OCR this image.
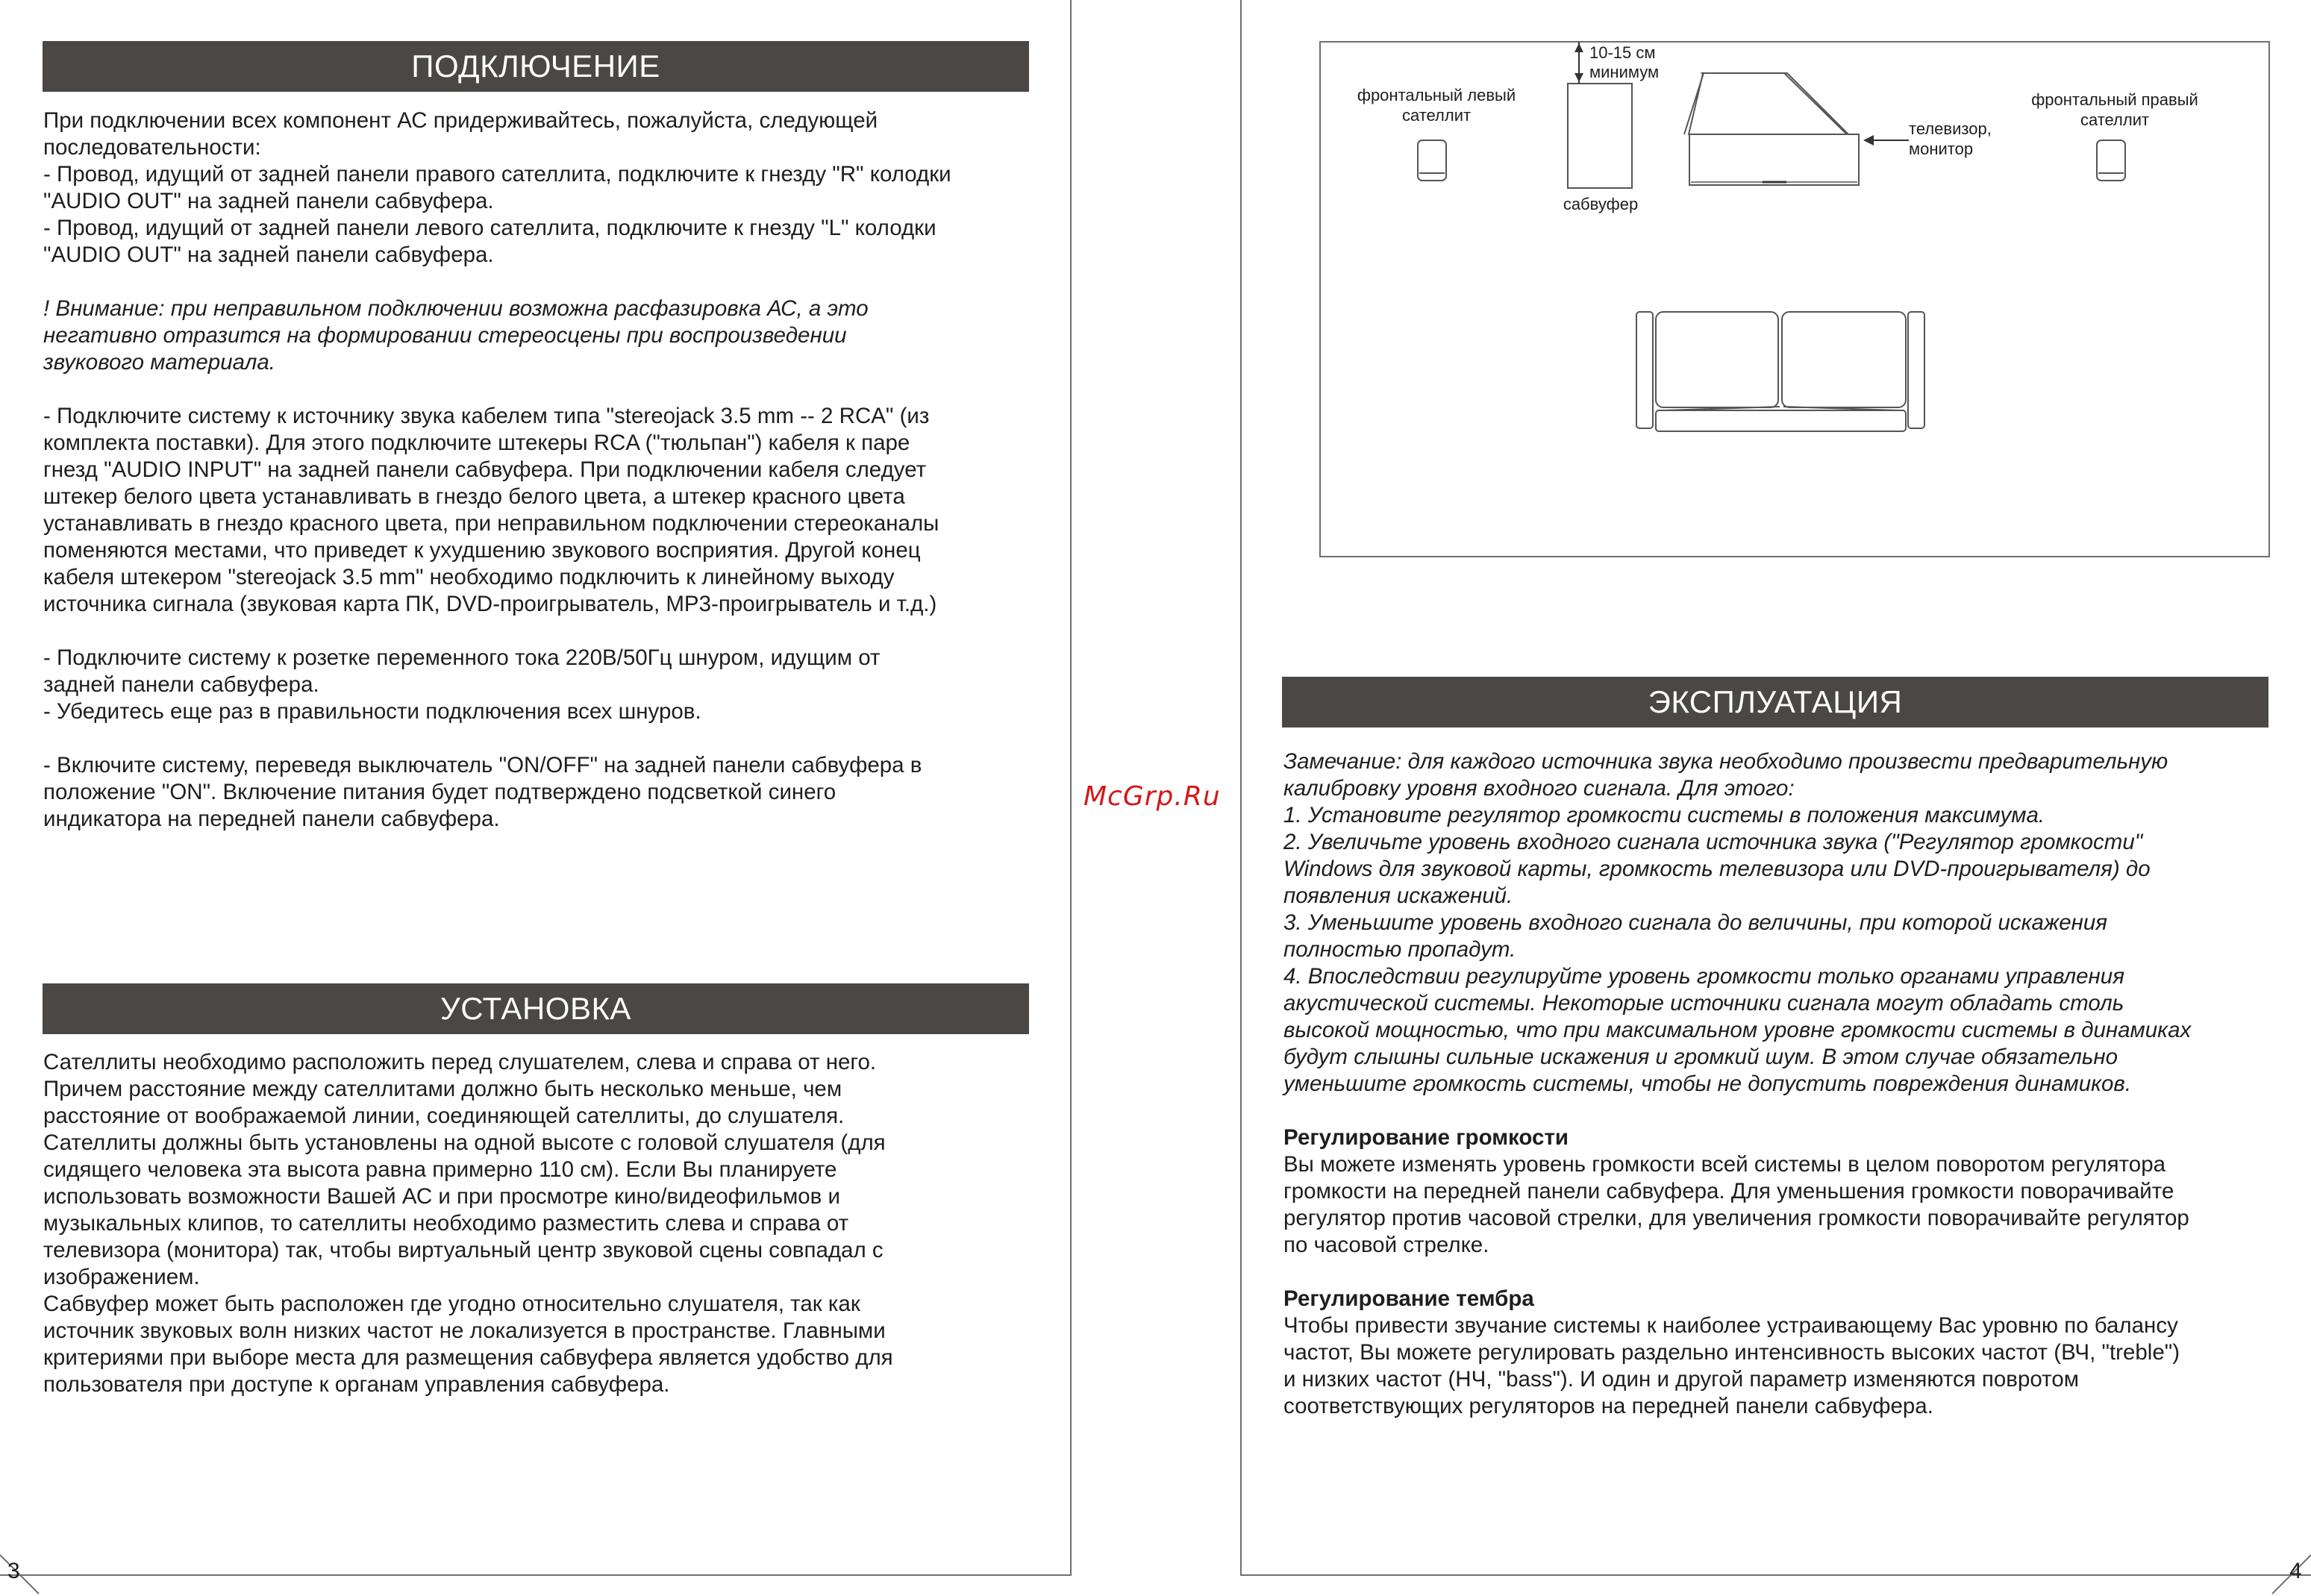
ПОДКЛЮЧЕНИЕ

При подключении всех компонент АС придерживайтесь, пожалуйста, следующей

последовательности:

- Провод, идущий от задней панели правого сателлита, подключите к гнезду "R" колодки

"AUDIO OUT" на задней панели сабвуфера.

- Провод, идущий от задней панели левого сателлита, подключите к гнезду "L" колодки

"AUDIO OUT" на задней панели сабвуфера.

! Внимание: при неправильном подключении возможна расфазировка АС, а это

негативно отразится на формировании стереосцены при воспроизведении

звукового материала.

- Подключите систему к источнику звука кабелем типа "stereojack 3.5 mm -- 2 RCA" (из

комплекта поставки). Для этого подключите штекеры RCA ("тюльпан") кабеля к паре

гнезд "AUDIO INPUT" на задней панели сабвуфера. При подключении кабеля следует

штекер белого цвета устанавливать в гнездо белого цвета, а штекер красного цвета

устанавливать в гнездо красного цвета, при неправильном подключении стереоканалы

поменяются местами, что приведет к ухудшению звукового восприятия. Другой конец

кабеля штекером "stereojack 3.5 mm" необходимо подключить к линейному выходу

источника сигнала (звуковая карта ПК, DVD-проигрыватель, MP3-проигрыватель и т.д.)

- Подключите систему к розетке переменного тока 220В/50Гц шнуром, идущим от

задней панели сабвуфера.

- Убедитесь еще раз в правильности подключения всех шнуров.

- Включите систему, переведя выключатель "ON/OFF" на задней панели сабвуфера в

положение "ON". Включение питания будет подтверждено подсветкой синего

индикатора на передней панели сабвуфера.

УСТАНОВКА

Сателлиты необходимо расположить перед слушателем, слева и справа от него.

Причем расстояние между сателлитами должно быть несколько меньше, чем

расстояние от воображаемой линии, соединяющей сателлиты, до слушателя.

Сателлиты должны быть установлены на одной высоте с головой слушателя (для

сидящего человека эта высота равна примерно 110 см). Если Вы планируете

использовать возможности Вашей АС и при просмотре кино/видеофильмов и

музыкальных клипов, то сателлиты необходимо разместить слева и справа от

телевизора (монитора) так, чтобы виртуальный центр звуковой сцены совпадал с

изображением.

Сабвуфер может быть расположен где угодно относительно слушателя, так как

источник звуковых волн низких частот не локализуется в пространстве. Главными

критериями при выборе места для размещения сабвуфера является удобство для

пользователя при доступе к органам управления сабвуфера.

3	4
McGrp.Ru
фронтальный левый
сателлит
10-15 см
минимум
сабвуфер
телевизор,
монитор
фронтальный правый
сателлит
ЭКСПЛУАТАЦИЯ

Замечание: для каждого источника звука необходимо произвести предварительную

калибровку уровня входного сигнала. Для этого:

1. Установите регулятор громкости системы в положения максимума.

2. Увеличьте уровень входного сигнала источника звука ("Регулятор громкости"

Windows для звуковой карты, громкость телевизора или DVD-проигрывателя) до

появления искажений.

3. Уменьшите уровень входного сигнала до величины, при которой искажения

полностью пропадут.

4. Впоследствии регулируйте уровень громкости только органами управления

акустической системы. Некоторые источники сигнала могут обладать столь

высокой мощностью, что при максимальном уровне громкости системы в динамиках

будут слышны сильные искажения и громкий шум. В этом случае обязательно

уменьшите громкость системы, чтобы не допустить повреждения динамиков.

Регулирование громкости

Вы можете изменять уровень громкости всей системы в целом поворотом регулятора

громкости на передней панели сабвуфера. Для уменьшения громкости поворачивайте

регулятор против часовой стрелки, для увеличения громкости поворачивайте регулятор

по часовой стрелке.

Регулирование тембра

Чтобы привести звучание системы к наиболее устраивающему Вас уровню по балансу

частот, Вы можете регулировать раздельно интенсивность высоких частот (ВЧ, "treble")

и низких частот (НЧ, "bass"). И один и другой параметр изменяются повротом

соответствующих регуляторов на передней панели сабвуфера.
